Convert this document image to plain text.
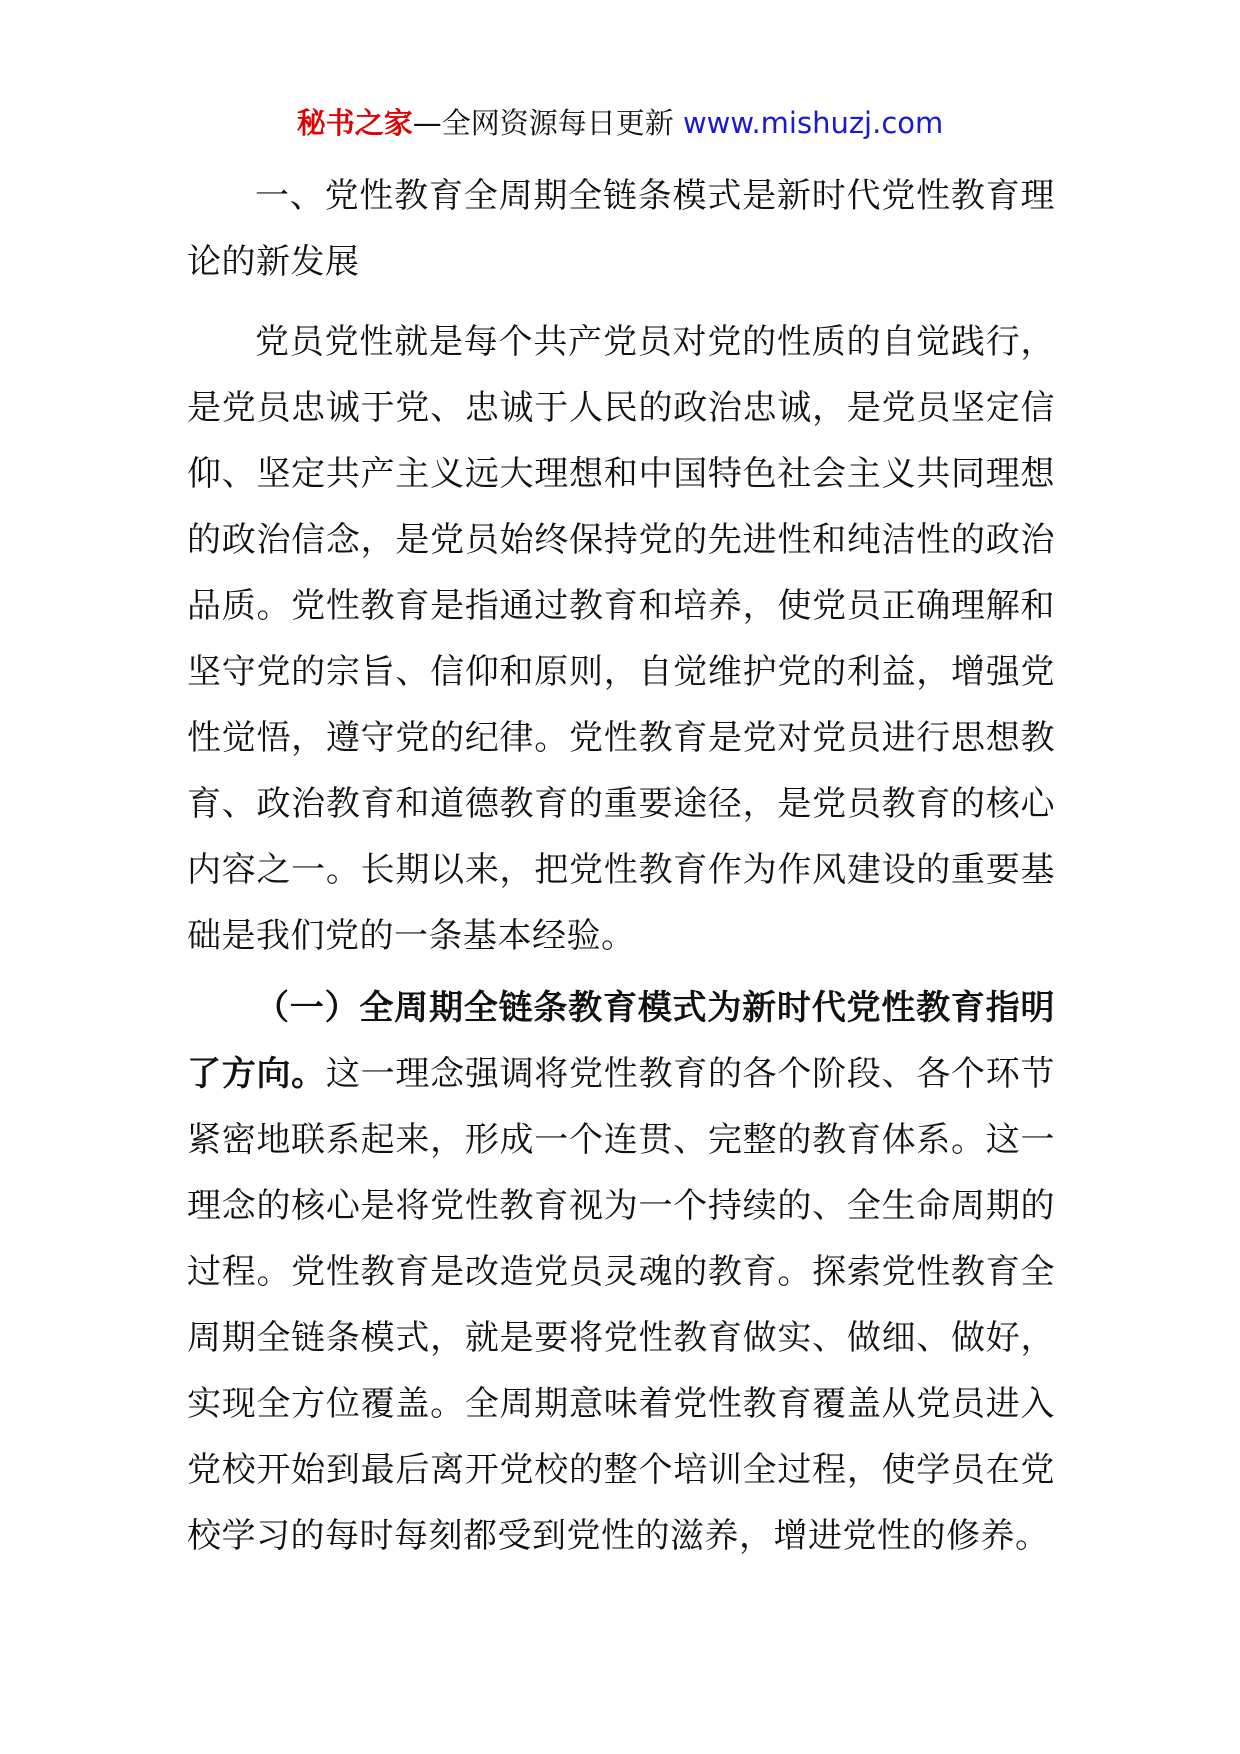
秘书之家—全网资源每日更新 www.mishuzj.com

一、党性教育全周期全链条模式是新时代党性教育理论的新发展

党员党性就是每个共产党员对党的性质的自觉践行，是党员忠诚于党、忠诚于人民的政治忠诚，是党员坚定信仰、坚定共产主义远大理想和中国特色社会主义共同理想的政治信念，是党员始终保持党的先进性和纯洁性的政治品质。党性教育是指通过教育和培养，使党员正确理解和坚守党的宗旨、信仰和原则，自觉维护党的利益，增强党性觉悟，遵守党的纪律。党性教育是党对党员进行思想教育、政治教育和道德教育的重要途径，是党员教育的核心内容之一。长期以来，把党性教育作为作风建设的重要基础是我们党的一条基本经验。

（一）全周期全链条教育模式为新时代党性教育指明了方向。这一理念强调将党性教育的各个阶段、各个环节紧密地联系起来，形成一个连贯、完整的教育体系。这一理念的核心是将党性教育视为一个持续的、全生命周期的过程。党性教育是改造党员灵魂的教育。探索党性教育全周期全链条模式，就是要将党性教育做实、做细、做好，实现全方位覆盖。全周期意味着党性教育覆盖从党员进入党校开始到最后离开党校的整个培训全过程，使学员在党校学习的每时每刻都受到党性的滋养，增进党性的修养。
